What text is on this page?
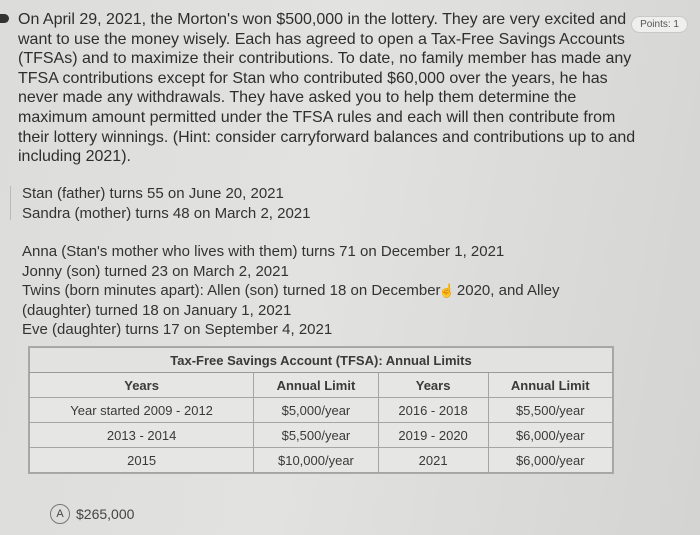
Points: 1

On April 29, 2021, the Morton's won $500,000 in the lottery. They are very excited and want to use the money wisely. Each has agreed to open a Tax-Free Savings Accounts (TFSAs) and to maximize their contributions. To date, no family member has made any TFSA contributions except for Stan who contributed $60,000 over the years, he has never made any withdrawals. They have asked you to help them determine the maximum amount permitted under the TFSA rules and each will then contribute from their lottery winnings. (Hint: consider carryforward balances and contributions up to and including 2021).

Stan (father) turns 55 on June 20, 2021
Sandra (mother) turns 48 on March 2, 2021
Anna (Stan's mother who lives with them) turns 71 on December 1, 2021
Jonny (son) turned 23 on March 2, 2021
Twins (born minutes apart): Allen (son) turned 18 on December☝ 2020, and Alley
(daughter) turned 18 on January 1, 2021
Eve (daughter) turns 17 on September 4, 2021
Tax-Free Savings Account (TFSA): Annual Limits			
Years	Annual Limit	Years	Annual Limit
Year started 2009 - 2012	$5,000/year	2016 - 2018	$5,500/year
2013 - 2014	$5,500/year	2019 - 2020	$6,000/year
2015	$10,000/year	2021	$6,000/year
A $265,000
